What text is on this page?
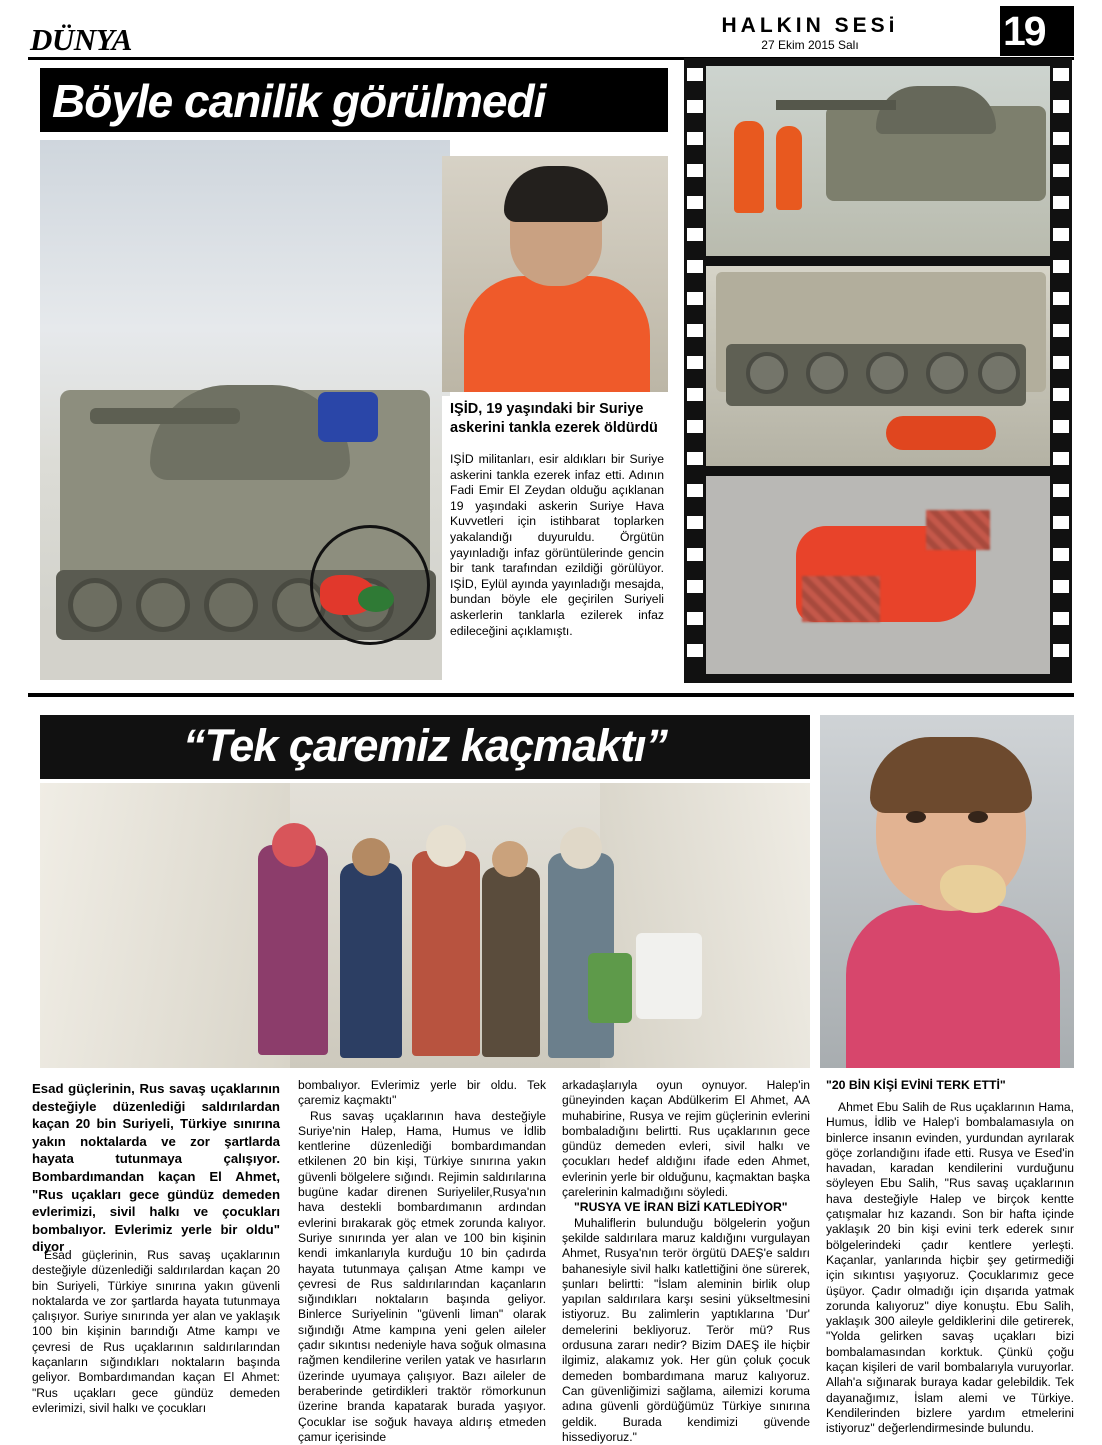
DÜNYA	HALKIN SESi
27 Ekim 2015 Salı	19
Böyle canilik görülmedi
IŞİD, 19 yaşındaki bir Suriye askerini tankla ezerek öldürdü
IŞİD militanları, esir aldıkları bir Suriye askerini tankla ezerek infaz etti. Adının Fadi Emir El Zeydan olduğu açıklanan 19 yaşındaki askerin Suriye Hava Kuvvetleri için istihbarat toplarken yakalandığı duyuruldu. Örgütün yayınladığı infaz görüntülerinde gencin bir tank tarafından ezildiği görülüyor. IŞİD, Eylül ayında yayınladığı mesajda, bundan böyle ele geçirilen Suriyeli askerlerin tanklarla ezilerek infaz edileceğini açıklamıştı.
“Tek çaremiz kaçmaktı”
Esad güçlerinin, Rus savaş uçaklarının desteğiyle düzenlediği saldırılardan kaçan 20 bin Suriyeli, Türkiye sınırına yakın noktalarda ve zor şartlarda hayata tutunmaya çalışıyor. Bombardımandan kaçan El Ahmet, "Rus uçakları gece gündüz demeden evlerimizi, sivil halkı ve çocukları bombalıyor. Evlerimiz yerle bir oldu" diyor

Esad güçlerinin, Rus savaş uçaklarının desteğiyle düzenlediği saldırılardan kaçan 20 bin Suriyeli, Türkiye sınırına yakın güvenli noktalarda ve zor şartlarda hayata tutunmaya çalışıyor. Suriye sınırında yer alan ve yaklaşık 100 bin kişinin barındığı Atme kampı ve çevresi de Rus uçaklarının saldırılarından kaçanların sığındıkları noktaların başında geliyor. Bombardımandan kaçan El Ahmet: "Rus uçakları gece gündüz demeden evlerimizi, sivil halkı ve çocukları

bombalıyor. Evlerimiz yerle bir oldu. Tek çaremiz kaçmaktı"

Rus savaş uçaklarının hava desteğiyle Suriye'nin Halep, Hama, Humus ve İdlib kentlerine düzenlediği bombardımandan etkilenen 20 bin kişi, Türkiye sınırına yakın güvenli bölgelere sığındı. Rejimin saldırılarına bugüne kadar direnen Suriyeliler,Rusya'nın hava destekli bombardımanın ardından evlerini bırakarak göç etmek zorunda kalıyor. Suriye sınırında yer alan ve 100 bin kişinin kendi imkanlarıyla kurduğu 10 bin çadırda hayata tutunmaya çalışan Atme kampı ve çevresi de Rus saldırılarından kaçanların sığındıkları noktaların başında geliyor. Binlerce Suriyelinin "güvenli liman" olarak sığındığı Atme kampına yeni gelen aileler çadır sıkıntısı nedeniyle hava soğuk olmasına rağmen kendilerine verilen yatak ve hasırların üzerinde uyumaya çalışıyor. Bazı aileler de beraberinde getirdikleri traktör römorkunun üzerine branda kapatarak burada yaşıyor. Çocuklar ise soğuk havaya aldırış etmeden çamur içerisinde

arkadaşlarıyla oyun oynuyor. Halep'in güneyinden kaçan Abdülkerim El Ahmet, AA muhabirine, Rusya ve rejim güçlerinin evlerini bombaladığını belirtti. Rus uçaklarının gece gündüz demeden evleri, sivil halkı ve çocukları hedef aldığını ifade eden Ahmet, evlerinin yerle bir olduğunu, kaçmaktan başka çarelerinin kalmadığını söyledi.

"RUSYA VE İRAN BİZİ KATLEDİYOR"

Muhaliflerin bulunduğu bölgelerin yoğun şekilde saldırılara maruz kaldığını vurgulayan Ahmet, Rusya'nın terör örgütü DAEŞ'e saldırı bahanesiyle sivil halkı katlettiğini öne sürerek, şunları belirtti: "İslam aleminin birlik olup yapılan saldırılara karşı sesini yükseltmesini istiyoruz. Bu zalimlerin yaptıklarına 'Dur' demelerini bekliyoruz. Terör mü? Rus ordusuna zararı nedir? Bizim DAEŞ ile hiçbir ilgimiz, alakamız yok. Her gün çoluk çocuk demeden bombardımana maruz kalıyoruz. Can güvenliğimizi sağlama, ailemizi koruma adına güvenli gördüğümüz Türkiye sınırına geldik. Burada kendimizi güvende hissediyoruz."

"20 BİN KİŞİ EVİNİ TERK ETTİ"

Ahmet Ebu Salih de Rus uçaklarının Hama, Humus, İdlib ve Halep'i bombalamasıyla on binlerce insanın evinden, yurdundan ayrılarak göçe zorlandığını ifade etti. Rusya ve Esed'in havadan, karadan kendilerini vurduğunu söyleyen Ebu Salih, "Rus savaş uçaklarının hava desteğiyle Halep ve birçok kentte çatışmalar hız kazandı. Son bir hafta içinde yaklaşık 20 bin kişi evini terk ederek sınır bölgelerindeki çadır kentlere yerleşti. Kaçanlar, yanlarında hiçbir şey getirmediği için sıkıntısı yaşıyoruz. Çocuklarımız gece üşüyor. Çadır olmadığı için dışarıda yatmak zorunda kalıyoruz" diye konuştu. Ebu Salih, yaklaşık 300 aileyle geldiklerini dile getirerek, "Yolda gelirken savaş uçakları bizi bombalamasından korktuk. Çünkü çoğu kaçan kişileri de varil bombalarıyla vuruyorlar. Allah'a sığınarak buraya kadar gelebildik. Tek dayanağımız, İslam alemi ve Türkiye. Kendilerinden bizlere yardım etmelerini istiyoruz" değerlendirmesinde bulundu.
